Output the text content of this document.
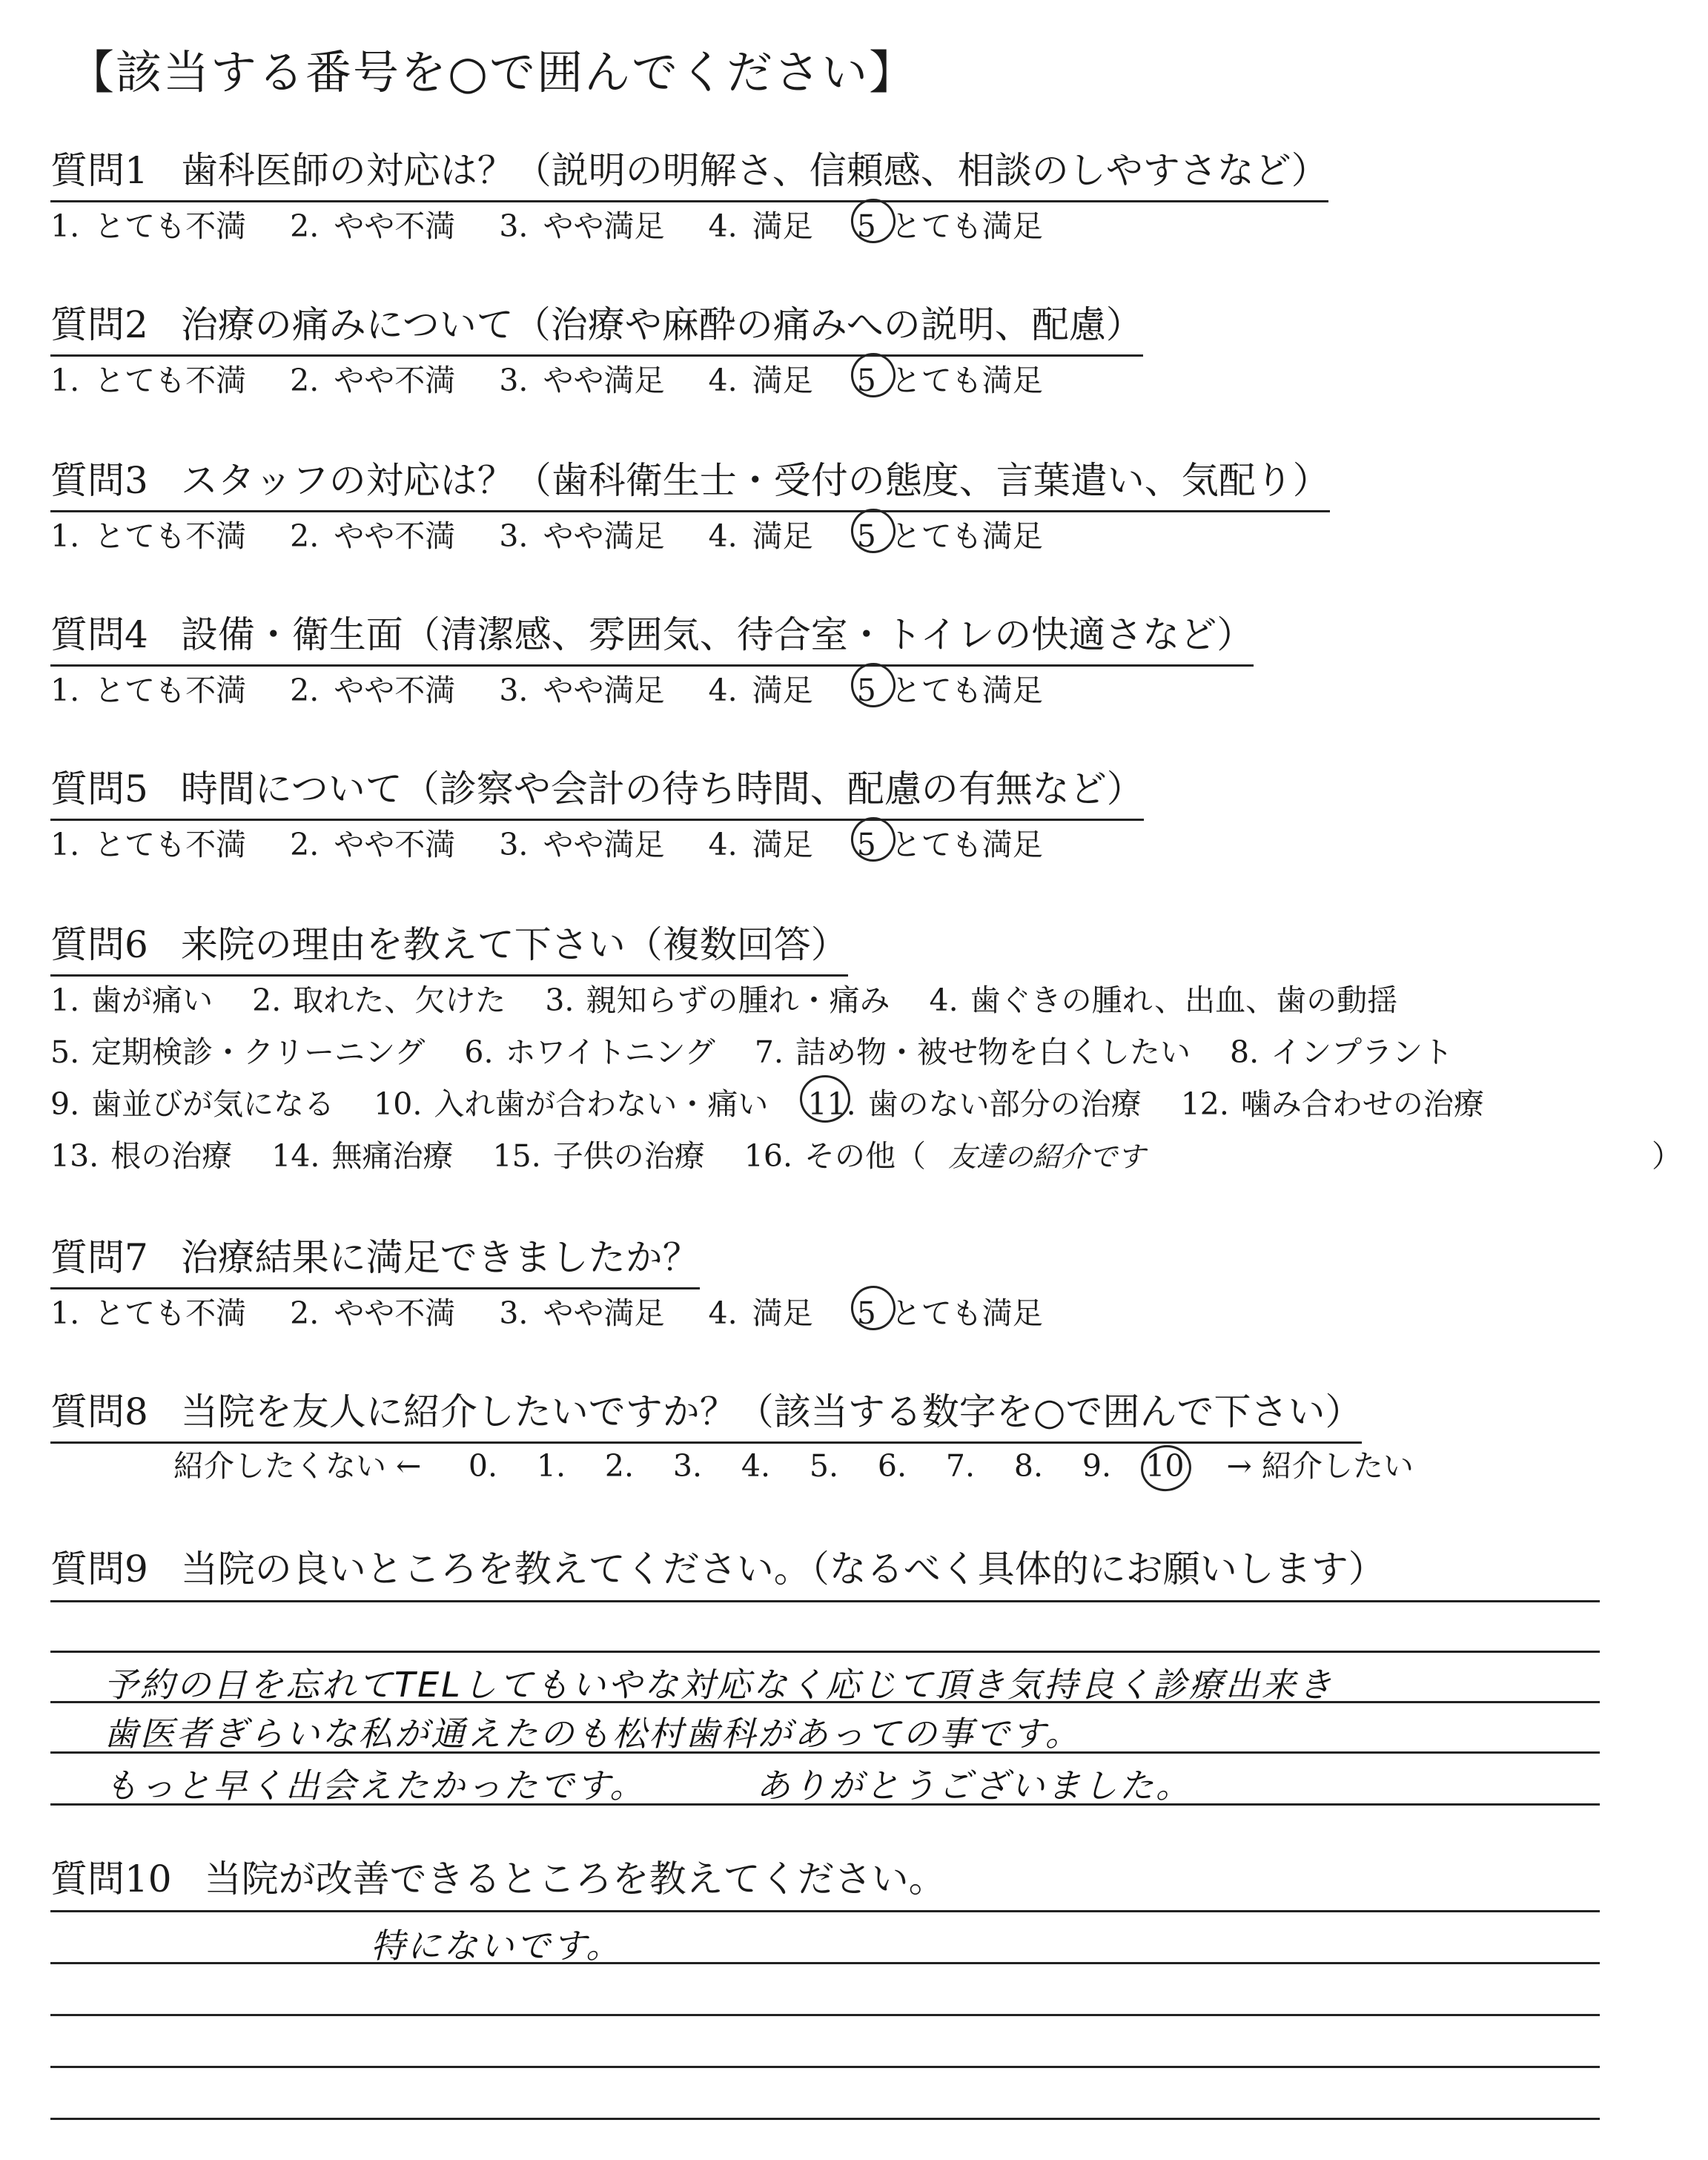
【該当する番号を○で囲んでください】
質問1 歯科医師の対応は？（説明の明解さ、信頼感、相談のしやすさなど）
1. とても不満 2. やや不満 3. やや満足 4. 満足 5 とても満足
質問2 治療の痛みについて（治療や麻酔の痛みへの説明、配慮）
1. とても不満 2. やや不満 3. やや満足 4. 満足 5 とても満足
質問3 スタッフの対応は？（歯科衛生士・受付の態度、言葉遣い、気配り）
1. とても不満 2. やや不満 3. やや満足 4. 満足 5 とても満足
質問4 設備・衛生面（清潔感、雰囲気、待合室・トイレの快適さなど）
1. とても不満 2. やや不満 3. やや満足 4. 満足 5 とても満足
質問5 時間について（診察や会計の待ち時間、配慮の有無など）
1. とても不満 2. やや不満 3. やや満足 4. 満足 5 とても満足
質問6 来院の理由を教えて下さい（複数回答）
1. 歯が痛い 2. 取れた、欠けた 3. 親知らずの腫れ・痛み 4. 歯ぐきの腫れ、出血、歯の動揺
5. 定期検診・クリーニング 6. ホワイトニング 7. 詰め物・被せ物を白くしたい 8. インプラント
9. 歯並びが気になる 10. 入れ歯が合わない・痛い 11. 歯のない部分の治療 12. 噛み合わせの治療
13. 根の治療 14. 無痛治療 15. 子供の治療 16. その他（ 友達の紹介です	）
質問7 治療結果に満足できましたか？
1. とても不満 2. やや不満 3. やや満足 4. 満足 5 とても満足
質問8 当院を友人に紹介したいですか？（該当する数字を○で囲んで下さい）
紹介したくない ← 0. 1. 2. 3. 4. 5. 6. 7. 8. 9. 10 → 紹介したい
質問9 当院の良いところを教えてください。（なるべく具体的にお願いします）
予約の日を忘れてTELしてもいやな対応なく応じて頂き気持良く診療出来き
歯医者ぎらいな私が通えたのも松村歯科があっての事です。
もっと早く出会えたかったです。	ありがとうございました。
質問10 当院が改善できるところを教えてください。
特にないです。
